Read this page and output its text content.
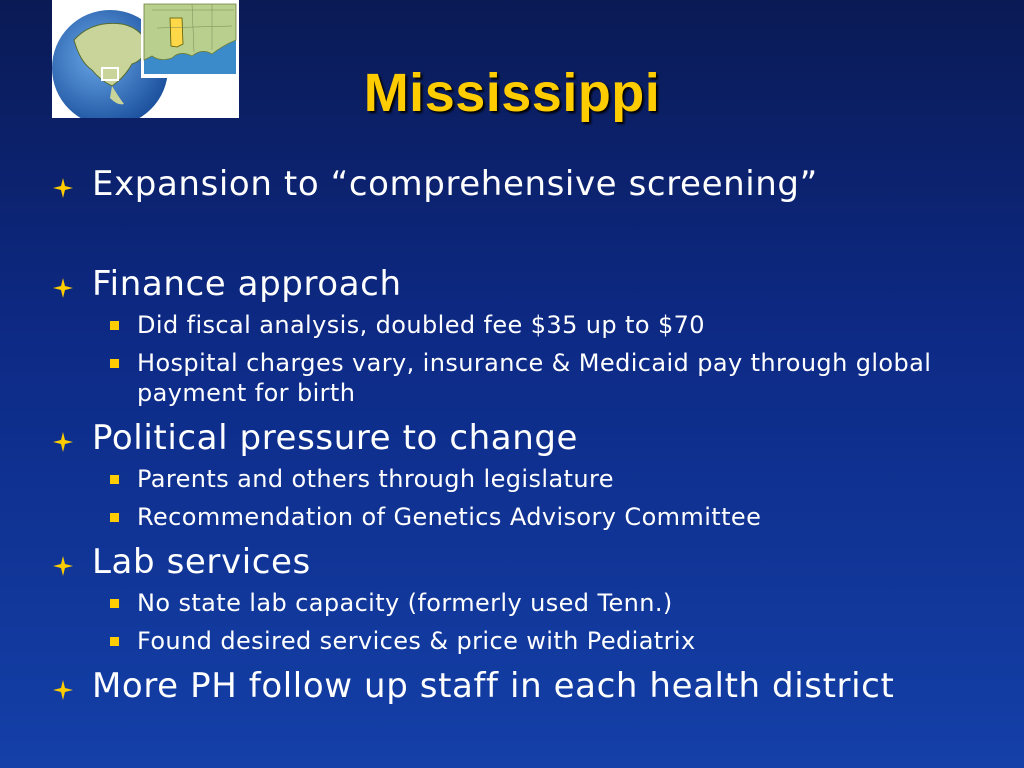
Mississippi
Expansion to “comprehensive screening”
Finance approach
Did fiscal analysis, doubled fee $35 up to $70
Hospital charges vary, insurance & Medicaid pay through global payment for birth
Political pressure to change
Parents and others through legislature
Recommendation of Genetics Advisory Committee
Lab services
No state lab capacity (formerly used Tenn.)
Found desired services & price with Pediatrix
More PH follow up staff in each health district
